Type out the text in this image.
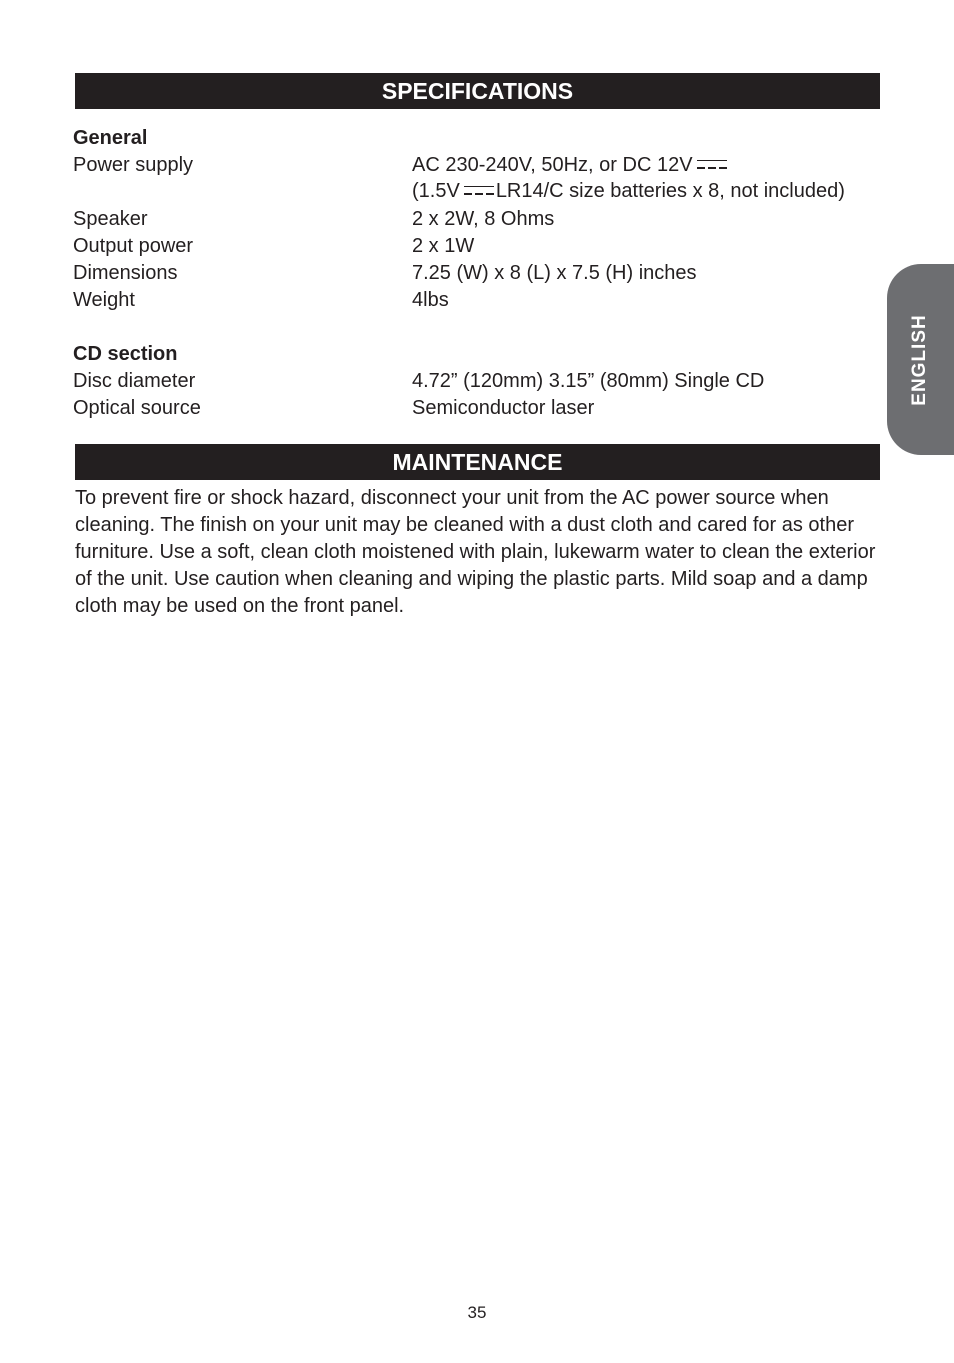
SPECIFICATIONS
General
Power supply	AC 230-240V, 50Hz, or DC 12V
(1.5V LR14/C size batteries x 8, not included)
Speaker	2 x 2W, 8 Ohms
Output power	2 x 1W
Dimensions	7.25 (W) x 8 (L) x 7.5 (H) inches
Weight	4lbs
CD section
Disc diameter	4.72” (120mm) 3.15” (80mm) Single CD
Optical source	Semiconductor laser
MAINTENANCE

To prevent fire or shock hazard, disconnect your unit from the AC power source when cleaning. The finish on your unit may be cleaned with a dust cloth and cared for as other furniture. Use a soft, clean cloth moistened with plain, lukewarm water to clean the exterior of the unit. Use caution when cleaning and wiping the plastic parts. Mild soap and a damp cloth may be used on the front panel.

ENGLISH
35
